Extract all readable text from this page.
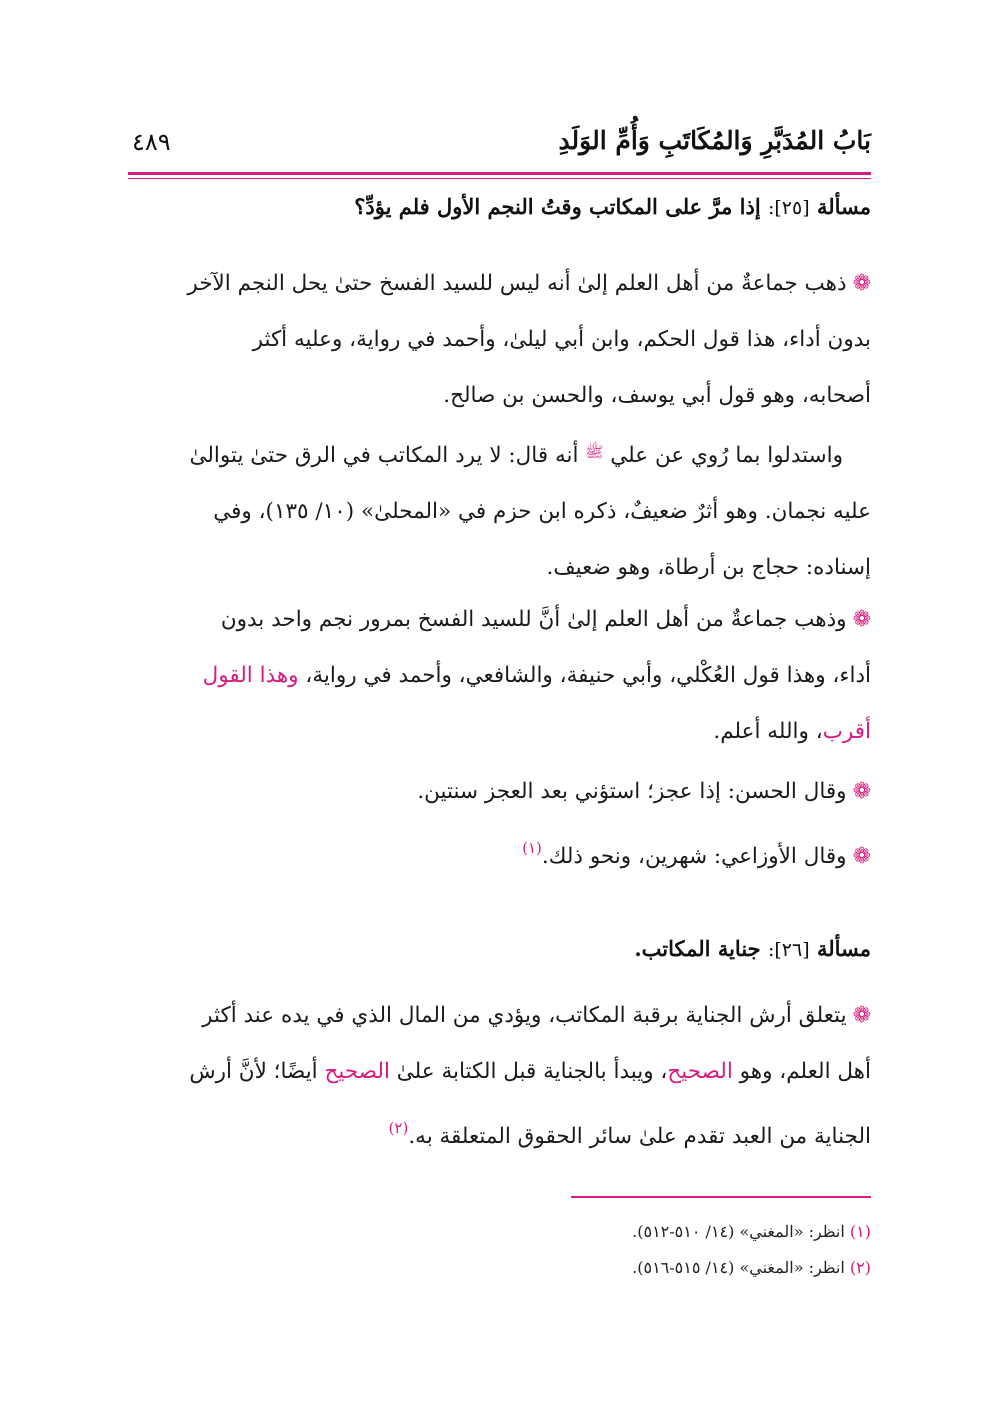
بَابُ المُدَبَّرِ وَالمُكَاتَبِ وَأُمِّ الوَلَدِ
٤٨٩
مسألة [٢٥]: إذا مرَّ على المكاتب وقتُ النجم الأول فلم يؤدِّ؟
❁ذهب جماعةٌ من أهل العلم إلىٰ أنه ليس للسيد الفسخ حتىٰ يحل النجم الآخر
بدون أداء، هذا قول الحكم، وابن أبي ليلىٰ، وأحمد في رواية، وعليه أكثر
أصحابه، وهو قول أبي يوسف، والحسن بن صالح.
واستدلوا بما رُوي عن علي $^ﷺ$ أنه قال: لا يرد المكاتب في الرق حتىٰ يتوالىٰ
عليه نجمان. وهو أثرٌ ضعيفٌ، ذكره ابن حزم في «المحلىٰ» (١٠/ ١٣٥)، وفي
إسناده: حجاج بن أرطاة، وهو ضعيف.
❁وذهب جماعةٌ من أهل العلم إلىٰ أنَّ للسيد الفسخ بمرور نجم واحد بدون
أداء، وهذا قول العُكْلي، وأبي حنيفة، والشافعي، وأحمد في رواية، وهذا القول
أقرب، والله أعلم.
❁وقال الحسن: إذا عجز؛ استؤني بعد العجز سنتين.
❁وقال الأوزاعي: شهرين، ونحو ذلك.$^{(١)}$
مسألة [٢٦]: جناية المكاتب.
❁يتعلق أرش الجناية برقبة المكاتب، ويؤدي من المال الذي في يده عند أكثر
أهل العلم، وهو الصحيح، ويبدأ بالجناية قبل الكتابة علىٰ الصحيح أيضًا؛ لأنَّ أرش
الجناية من العبد تقدم علىٰ سائر الحقوق المتعلقة به.$^{(٢)}$
(١) انظر: «المغني» (١٤/ ٥١٠-٥١٢).
(٢) انظر: «المغني» (١٤/ ٥١٥-٥١٦).
